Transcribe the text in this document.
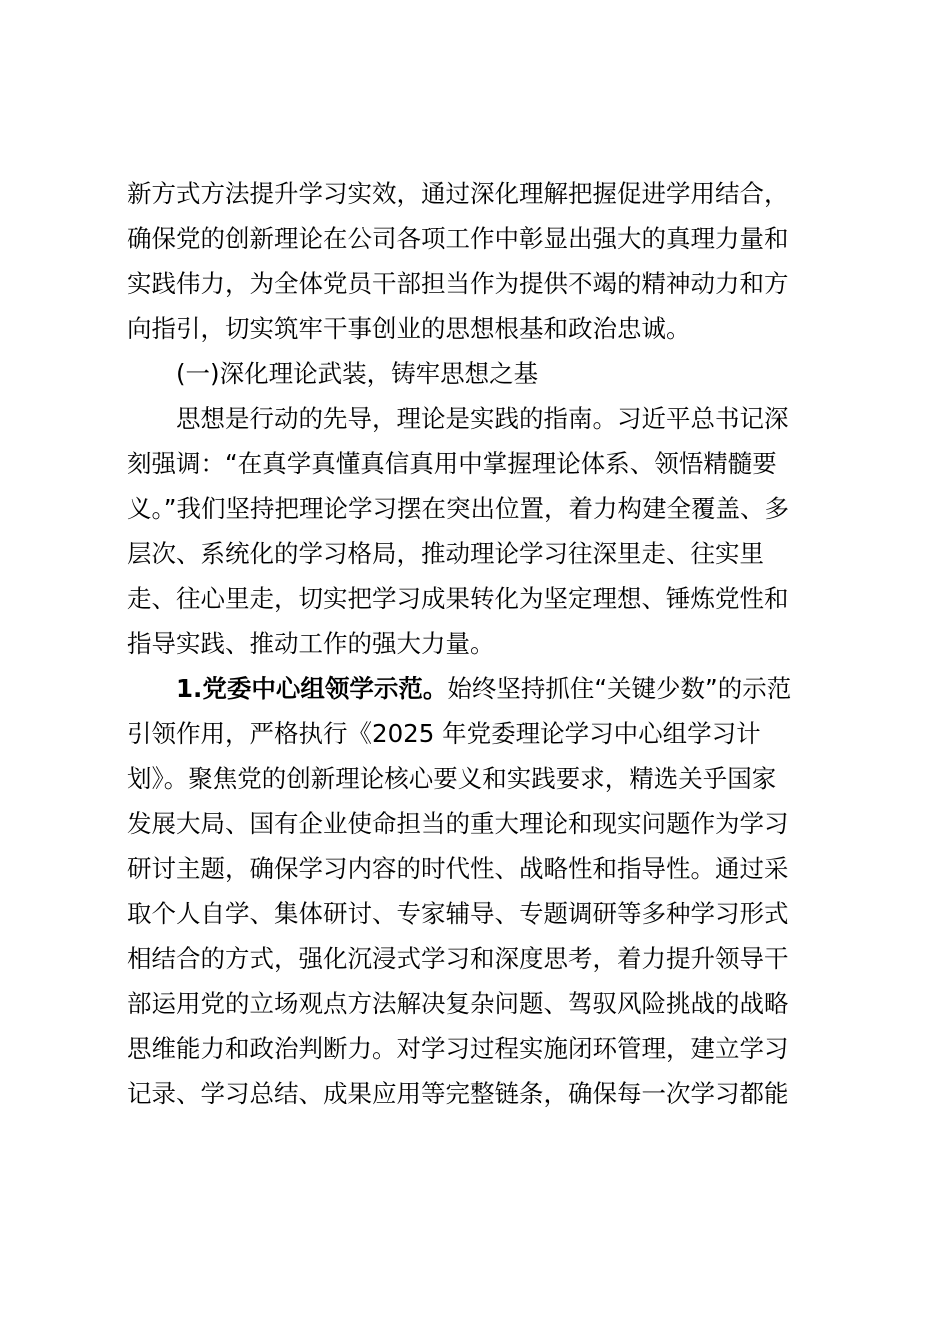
新方式方法提升学习实效，通过深化理解把握促进学用结合，
确保党的创新理论在公司各项工作中彰显出强大的真理力量和
实践伟力，为全体党员干部担当作为提供不竭的精神动力和方
向指引，切实筑牢干事创业的思想根基和政治忠诚。
(一)深化理论武装，铸牢思想之基
思想是行动的先导，理论是实践的指南。习近平总书记深
刻强调：“在真学真懂真信真用中掌握理论体系、领悟精髓要
义。”我们坚持把理论学习摆在突出位置，着力构建全覆盖、多
层次、系统化的学习格局，推动理论学习往深里走、往实里
走、往心里走，切实把学习成果转化为坚定理想、锤炼党性和
指导实践、推动工作的强大力量。
1.党委中心组领学示范。始终坚持抓住“关键少数”的示范
引领作用，严格执行《2025 年党委理论学习中心组学习计
划》。聚焦党的创新理论核心要义和实践要求，精选关乎国家
发展大局、国有企业使命担当的重大理论和现实问题作为学习
研讨主题，确保学习内容的时代性、战略性和指导性。通过采
取个人自学、集体研讨、专家辅导、专题调研等多种学习形式
相结合的方式，强化沉浸式学习和深度思考，着力提升领导干
部运用党的立场观点方法解决复杂问题、驾驭风险挑战的战略
思维能力和政治判断力。对学习过程实施闭环管理，建立学习
记录、学习总结、成果应用等完整链条，确保每一次学习都能
